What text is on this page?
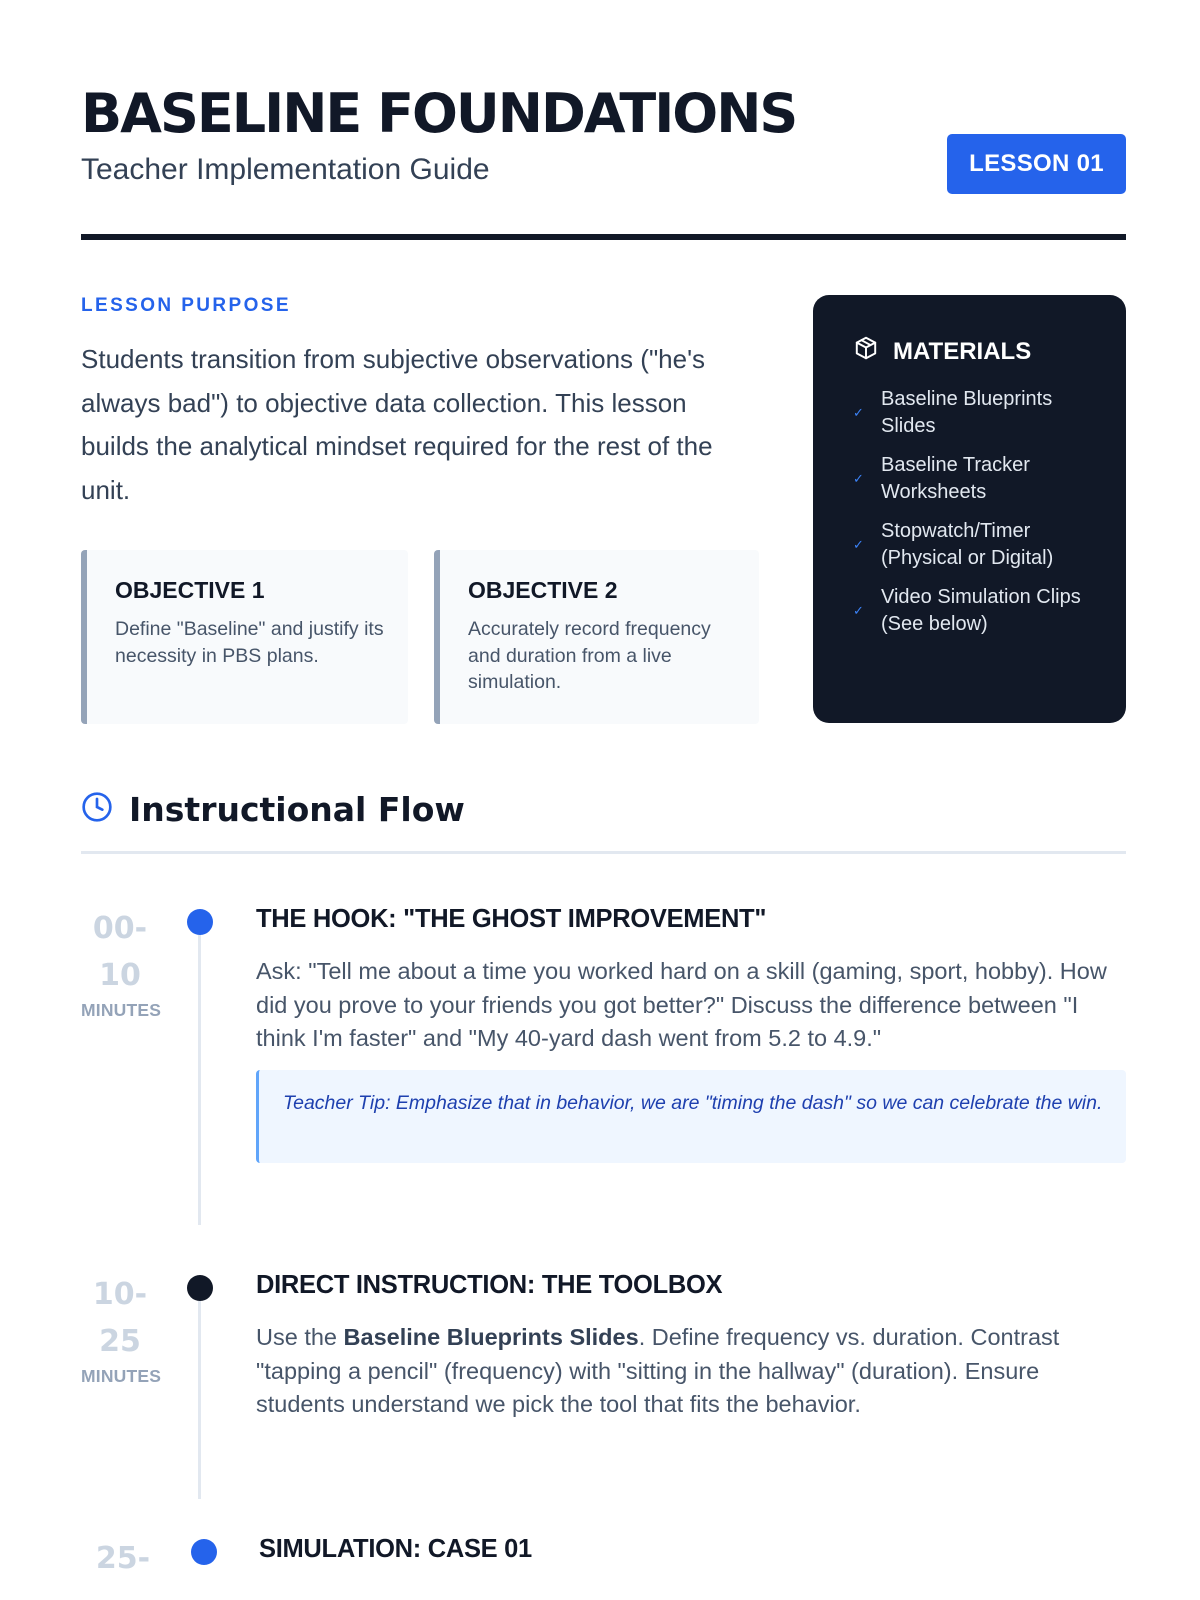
BASELINE FOUNDATIONS
Teacher Implementation Guide	LESSON 01
LESSON PURPOSE

Students transition from subjective observations ("he's always bad") to objective data collection. This lesson builds the analytical mindset required for the rest of the unit.

OBJECTIVE 1
Define "Baseline" and justify its necessity in PBS plans.
OBJECTIVE 2
Accurately record frequency and duration from a live simulation.
MATERIALS
✓
Baseline Blueprints Slides
✓
Baseline Tracker Worksheets
✓
Stopwatch/Timer (Physical or Digital)
✓
Video Simulation Clips (See below)
Instructional Flow
00-
10
MINUTES
THE HOOK: "THE GHOST IMPROVEMENT"

Ask: "Tell me about a time you worked hard on a skill (gaming, sport, hobby). How did you prove to your friends you got better?" Discuss the difference between "I think I'm faster" and "My 40-yard dash went from 5.2 to 4.9."

Teacher Tip: Emphasize that in behavior, we are "timing the dash" so we can celebrate the win.
10-
25
MINUTES
DIRECT INSTRUCTION: THE TOOLBOX

Use the Baseline Blueprints Slides. Define frequency vs. duration. Contrast "tapping a pencil" (frequency) with "sitting in the hallway" (duration). Ensure students understand we pick the tool that fits the behavior.

25-	SIMULATION: CASE 01
